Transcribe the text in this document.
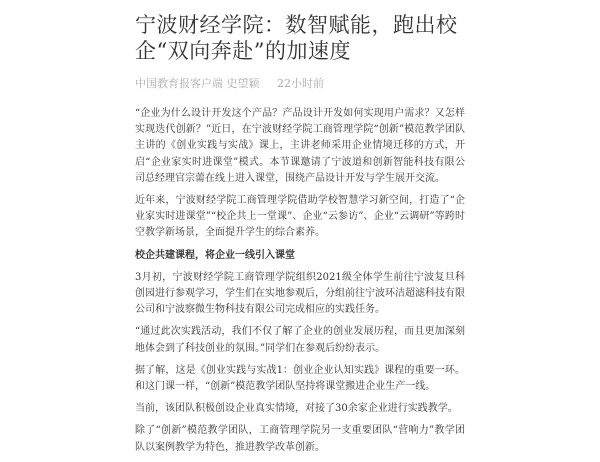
宁波财经学院：数智赋能，跑出校企“双向奔赴”的加速度
中国教育报客户端 史望颖 22小时前

“企业为什么设计开发这个产品？产品设计开发如何实现用户需求？又怎样实现迭代创新？”近日，在宁波财经学院工商管理学院“创新”模范教学团队主讲的《创业实践与实战》课上，主讲老师采用企业情境迁移的方式，开启“企业家实时进课堂”模式。本节课邀请了宁波道和创新智能科技有限公司总经理官宗薷在线上进入课堂，围绕产品设计开发与学生展开交流。

近年来，宁波财经学院工商管理学院借助学校智慧学习新空间，打造了“企业家实时进课堂”“校企共上一堂课”、企业“云参访”、企业“云调研”等跨时空教学新场景，全面提升学生的综合素养。

校企共建课程，将企业一线引入课堂

3月初，宁波财经学院工商管理学院组织2021级全体学生前往宁波复旦科创园进行参观学习，学生们在实地参观后，分组前往宁波环洁超滤科技有限公司和宁波察微生物科技有限公司完成相应的实践任务。

“通过此次实践活动，我们不仅了解了企业的创业发展历程，而且更加深刻地体会到了科技创业的氛围。”同学们在参观后纷纷表示。

据了解，这是《创业实践与实战1：创业企业认知实践》课程的重要一环。和这门课一样，“创新”模范教学团队坚持将课堂搬进企业生产一线。

当前，该团队积极创设企业真实情境，对接了30余家企业进行实践教学。

除了“创新”模范教学团队，工商管理学院另一支重要团队“营响力”教学团队以案例教学为特色，推进教学改革创新。
